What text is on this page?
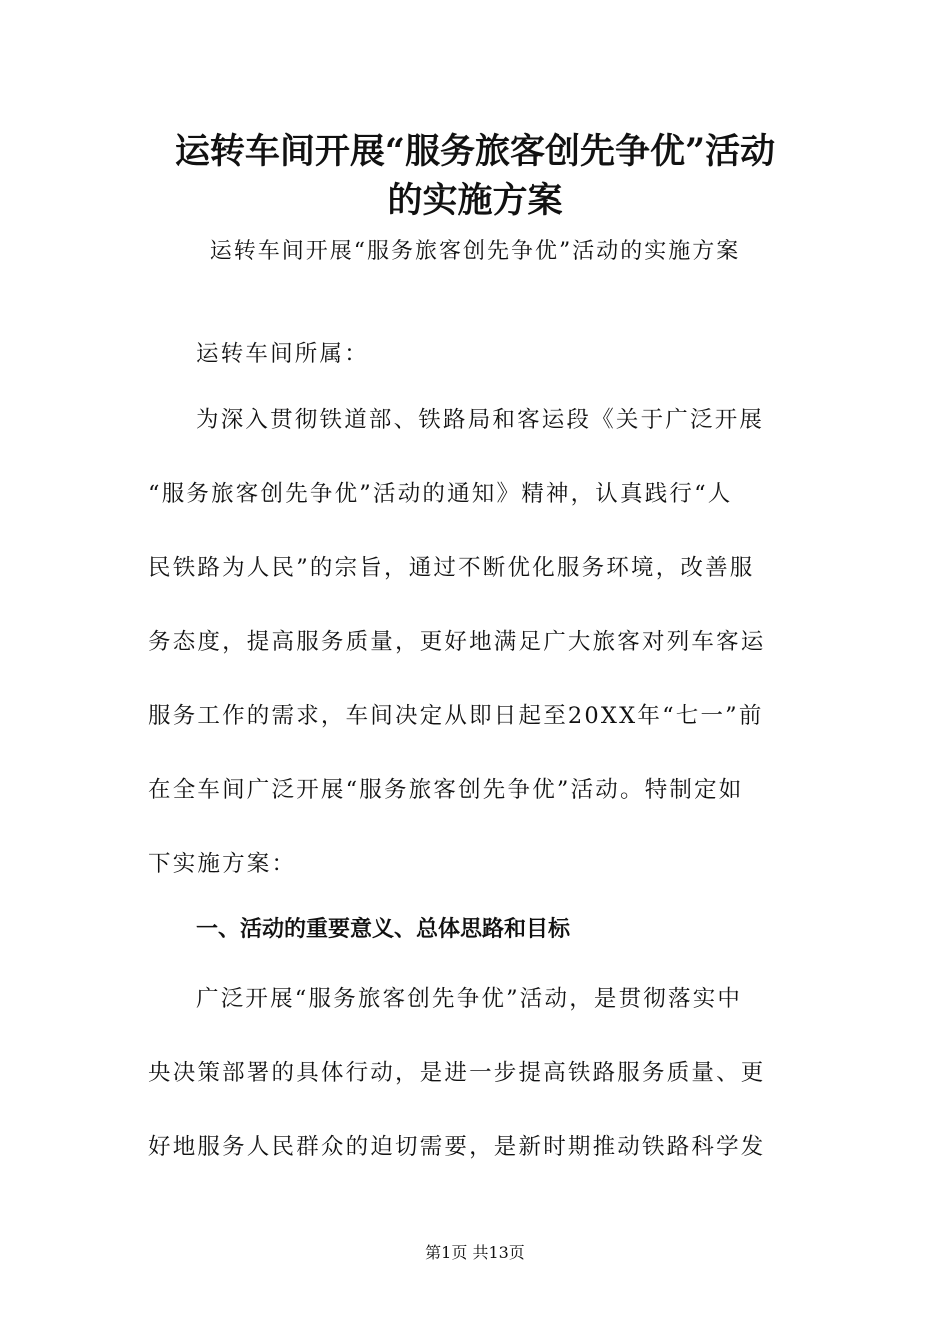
运转车间开展“服务旅客创先争优”活动
的实施方案

运转车间开展“服务旅客创先争优”活动的实施方案

运转车间所属：

为深入贯彻铁道部、铁路局和客运段《关于广泛开展
“服务旅客创先争优”活动的通知》精神，认真践行“人
民铁路为人民”的宗旨，通过不断优化服务环境，改善服
务态度，提高服务质量，更好地满足广大旅客对列车客运
服务工作的需求，车间决定从即日起至20XX年“七一”前
在全车间广泛开展“服务旅客创先争优”活动。特制定如
下实施方案：
一、活动的重要意义、总体思路和目标
广泛开展“服务旅客创先争优”活动，是贯彻落实中
央决策部署的具体行动，是进一步提高铁路服务质量、更
好地服务人民群众的迫切需要，是新时期推动铁路科学发

第1页 共13页
